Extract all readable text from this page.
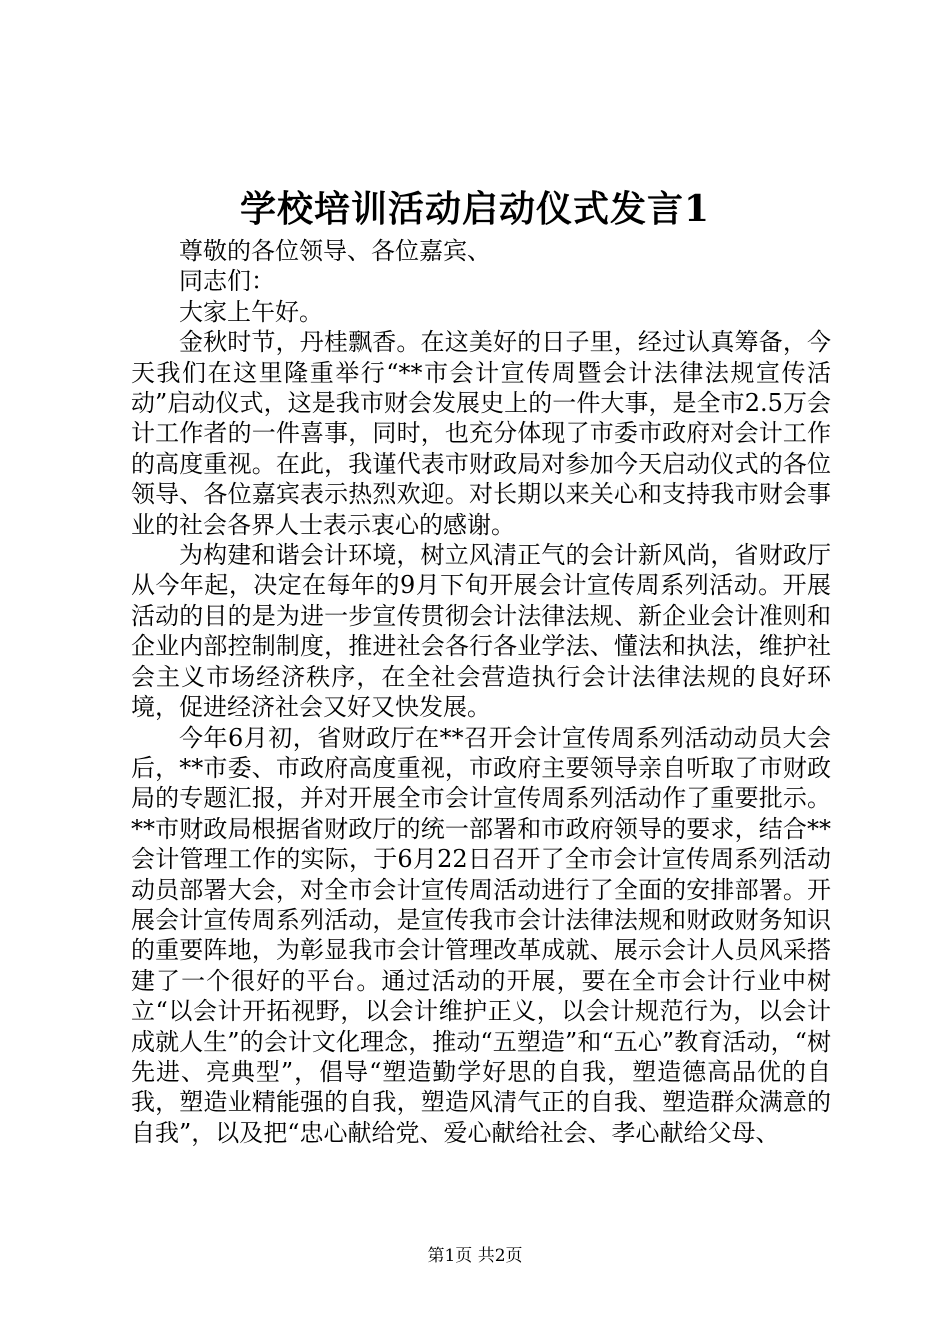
学校培训活动启动仪式发言1

尊敬的各位领导、各位嘉宾、

同志们：

大家上午好。

金秋时节，丹桂飘香。在这美好的日子里，经过认真筹备，今天我们在这里隆重举行“**市会计宣传周暨会计法律法规宣传活动”启动仪式，这是我市财会发展史上的一件大事，是全市2.5万会计工作者的一件喜事，同时，也充分体现了市委市政府对会计工作的高度重视。在此，我谨代表市财政局对参加今天启动仪式的各位领导、各位嘉宾表示热烈欢迎。对长期以来关心和支持我市财会事业的社会各界人士表示衷心的感谢。

为构建和谐会计环境，树立风清正气的会计新风尚，省财政厅从今年起，决定在每年的9月下旬开展会计宣传周系列活动。开展活动的目的是为进一步宣传贯彻会计法律法规、新企业会计准则和企业内部控制制度，推进社会各行各业学法、懂法和执法，维护社会主义市场经济秩序，在全社会营造执行会计法律法规的良好环境，促进经济社会又好又快发展。

今年6月初，省财政厅在**召开会计宣传周系列活动动员大会后，**市委、市政府高度重视，市政府主要领导亲自听取了市财政局的专题汇报，并对开展全市会计宣传周系列活动作了重要批示。**市财政局根据省财政厅的统一部署和市政府领导的要求，结合**会计管理工作的实际，于6月22日召开了全市会计宣传周系列活动动员部署大会，对全市会计宣传周活动进行了全面的安排部署。开展会计宣传周系列活动，是宣传我市会计法律法规和财政财务知识的重要阵地，为彰显我市会计管理改革成就、展示会计人员风采搭建了一个很好的平台。通过活动的开展，要在全市会计行业中树立“以会计开拓视野，以会计维护正义，以会计规范行为，以会计成就人生”的会计文化理念，推动“五塑造”和“五心”教育活动，“树先进、亮典型”，倡导“塑造勤学好思的自我，塑造德高品优的自我，塑造业精能强的自我，塑造风清气正的自我、塑造群众满意的自我”，以及把“忠心献给党、爱心献给社会、孝心献给父母、

第1页 共2页
